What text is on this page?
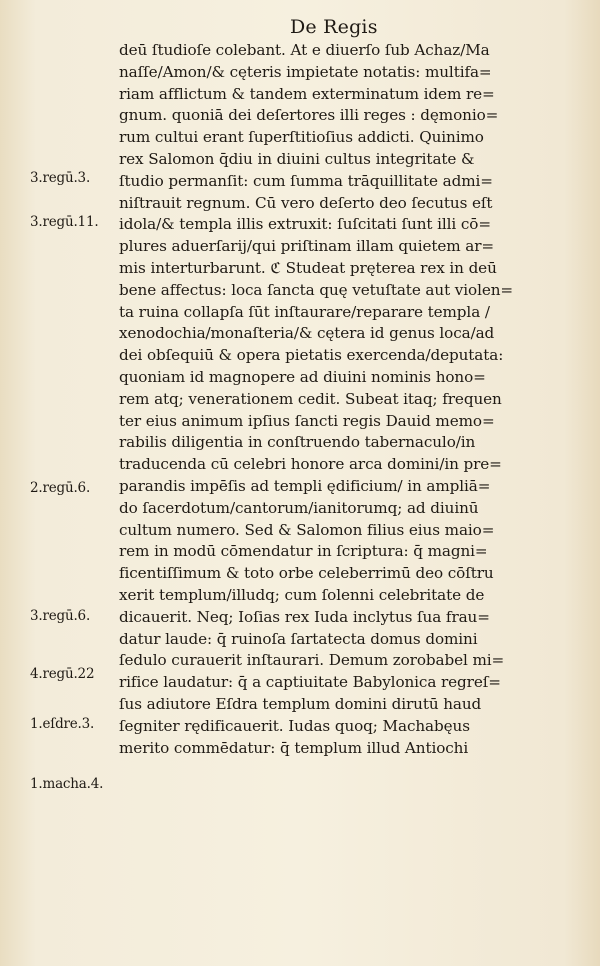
De Regis
3.regū.3.
3.regū.11.
2.regū.6.
3.regū.6.
4.regū.22
1.eſdre.3.
1.macha.4.
deū ſtudioſe colebant. At e diuerſo ſub Achaz/Ma
naſſe/Amon/& cęteris impietate notatis: multifa=
riam afflictum & tandem exterminatum idem re=
gnum. quoniā dei deſertores illi reges : dęmonio=
rum cultui erant ſuperſtitioſius addicti. Quinimo
rex Salomon q̄diu in diuini cultus integritate &
ſtudio permanſit: cum ſumma trāquillitate admi=
niſtrauit regnum. Cū vero deſerto deo ſecutus eſt
idola/& templa illis extruxit: ſuſcitati ſunt illi cō=
plures aduerſarij/qui priſtinam illam quietem ar=
mis interturbarunt. ℭ Studeat pręterea rex in deū
bene affectus: loca ſancta quę vetuſtate aut violen=
ta ruina collapſa ſūt inſtaurare/reparare templa /
xenodochia/monaſteria/& cętera id genus loca/ad
dei obſequiū & opera pietatis exercenda/deputata:
quoniam id magnopere ad diuini nominis hono=
rem atq; venerationem cedit. Subeat itaq; frequen
ter eius animum ipſius ſancti regis Dauid memo=
rabilis diligentia in conſtruendo tabernaculo/in
traducenda cū celebri honore arca domini/in pre=
parandis impēſis ad templi ędificium/ in ampliā=
do ſacerdotum/cantorum/ianitorumq; ad diuinū
cultum numero. Sed & Salomon filius eius maio=
rem in modū cōmendatur in ſcriptura: q̄ magni=
ficentiſſimum & toto orbe celeberrimū deo cōſtru
xerit templum/illudq; cum ſolenni celebritate de
dicauerit. Neq; Ioſias rex Iuda inclytus ſua frau=
datur laude: q̄ ruinoſa ſartatecta domus domini
ſedulo curauerit inſtaurari. Demum zorobabel mi=
rifice laudatur: q̄ a captiuitate Babylonica regreſ=
ſus adiutore Eſdra templum domini dirutū haud
ſegniter rędificauerit. Iudas quoq; Machabęus
merito commēdatur: q̄ templum illud Antiochi
